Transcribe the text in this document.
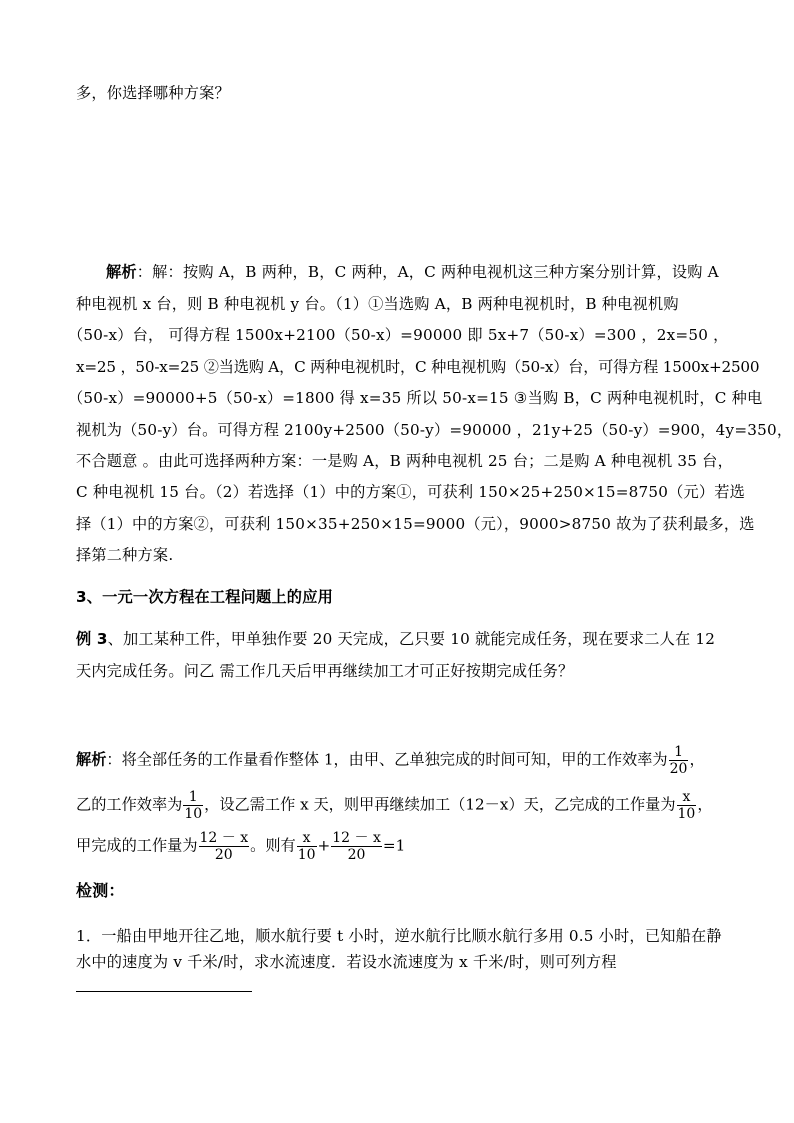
多，你选择哪种方案？
解析：解：按购 A，B 两种，B，C 两种，A，C 两种电视机这三种方案分别计算，设购 A
种电视机 x 台，则 B 种电视机 y 台。（1）①当选购 A，B 两种电视机时，B 种电视机购
（50-x）台， 可得方程 1500x+2100（50-x）=90000 即 5x+7（50-x）=300 ，2x=50 ，
x=25 ，50-x=25 ②当选购 A，C 两种电视机时，C 种电视机购（50-x）台，可得方程 1500x+2500
（50-x）=90000+5（50-x）=1800 得 x=35 所以 50-x=15 ③当购 B，C 两种电视机时，C 种电
视机为（50-y）台。可得方程 2100y+2500（50-y）=90000 ，21y+25（50-y）=900，4y=350，
不合题意 。由此可选择两种方案：一是购 A，B 两种电视机 25 台；二是购 A 种电视机 35 台，
C 种电视机 15 台。（2）若选择（1）中的方案①，可获利 150×25+250×15=8750（元）若选
择（1）中的方案②，可获利 150×35+250×15=9000（元），9000>8750 故为了获利最多，选
择第二种方案.
3、一元一次方程在工程问题上的应用
例 3、加工某种工件，甲单独作要 20 天完成，乙只要 10 就能完成任务，现在要求二人在 12
天内完成任务。问乙 需工作几天后甲再继续加工才可正好按期完成任务？
解析：将全部任务的工作量看作整体 1，由甲、乙单独完成的时间可知，甲的工作效率为 $\frac{1}{20}$ ，
乙的工作效率为 $\frac{1}{10}$ ，设乙需工作 x 天，则甲再继续加工（12－x）天，乙完成的工作量为 $\frac{x}{10}$ ，
甲完成的工作量为 $\frac{12 - x}{20}$ 。则有 $\frac{x}{10} + \frac{12 - x}{20} =1$
检测：
1．一船由甲地开往乙地，顺水航行要 t 小时，逆水航行比顺水航行多用 0.5 小时，已知船在静
水中的速度为 v 千米/时，求水流速度．若设水流速度为 x 千米/时，则可列方程
